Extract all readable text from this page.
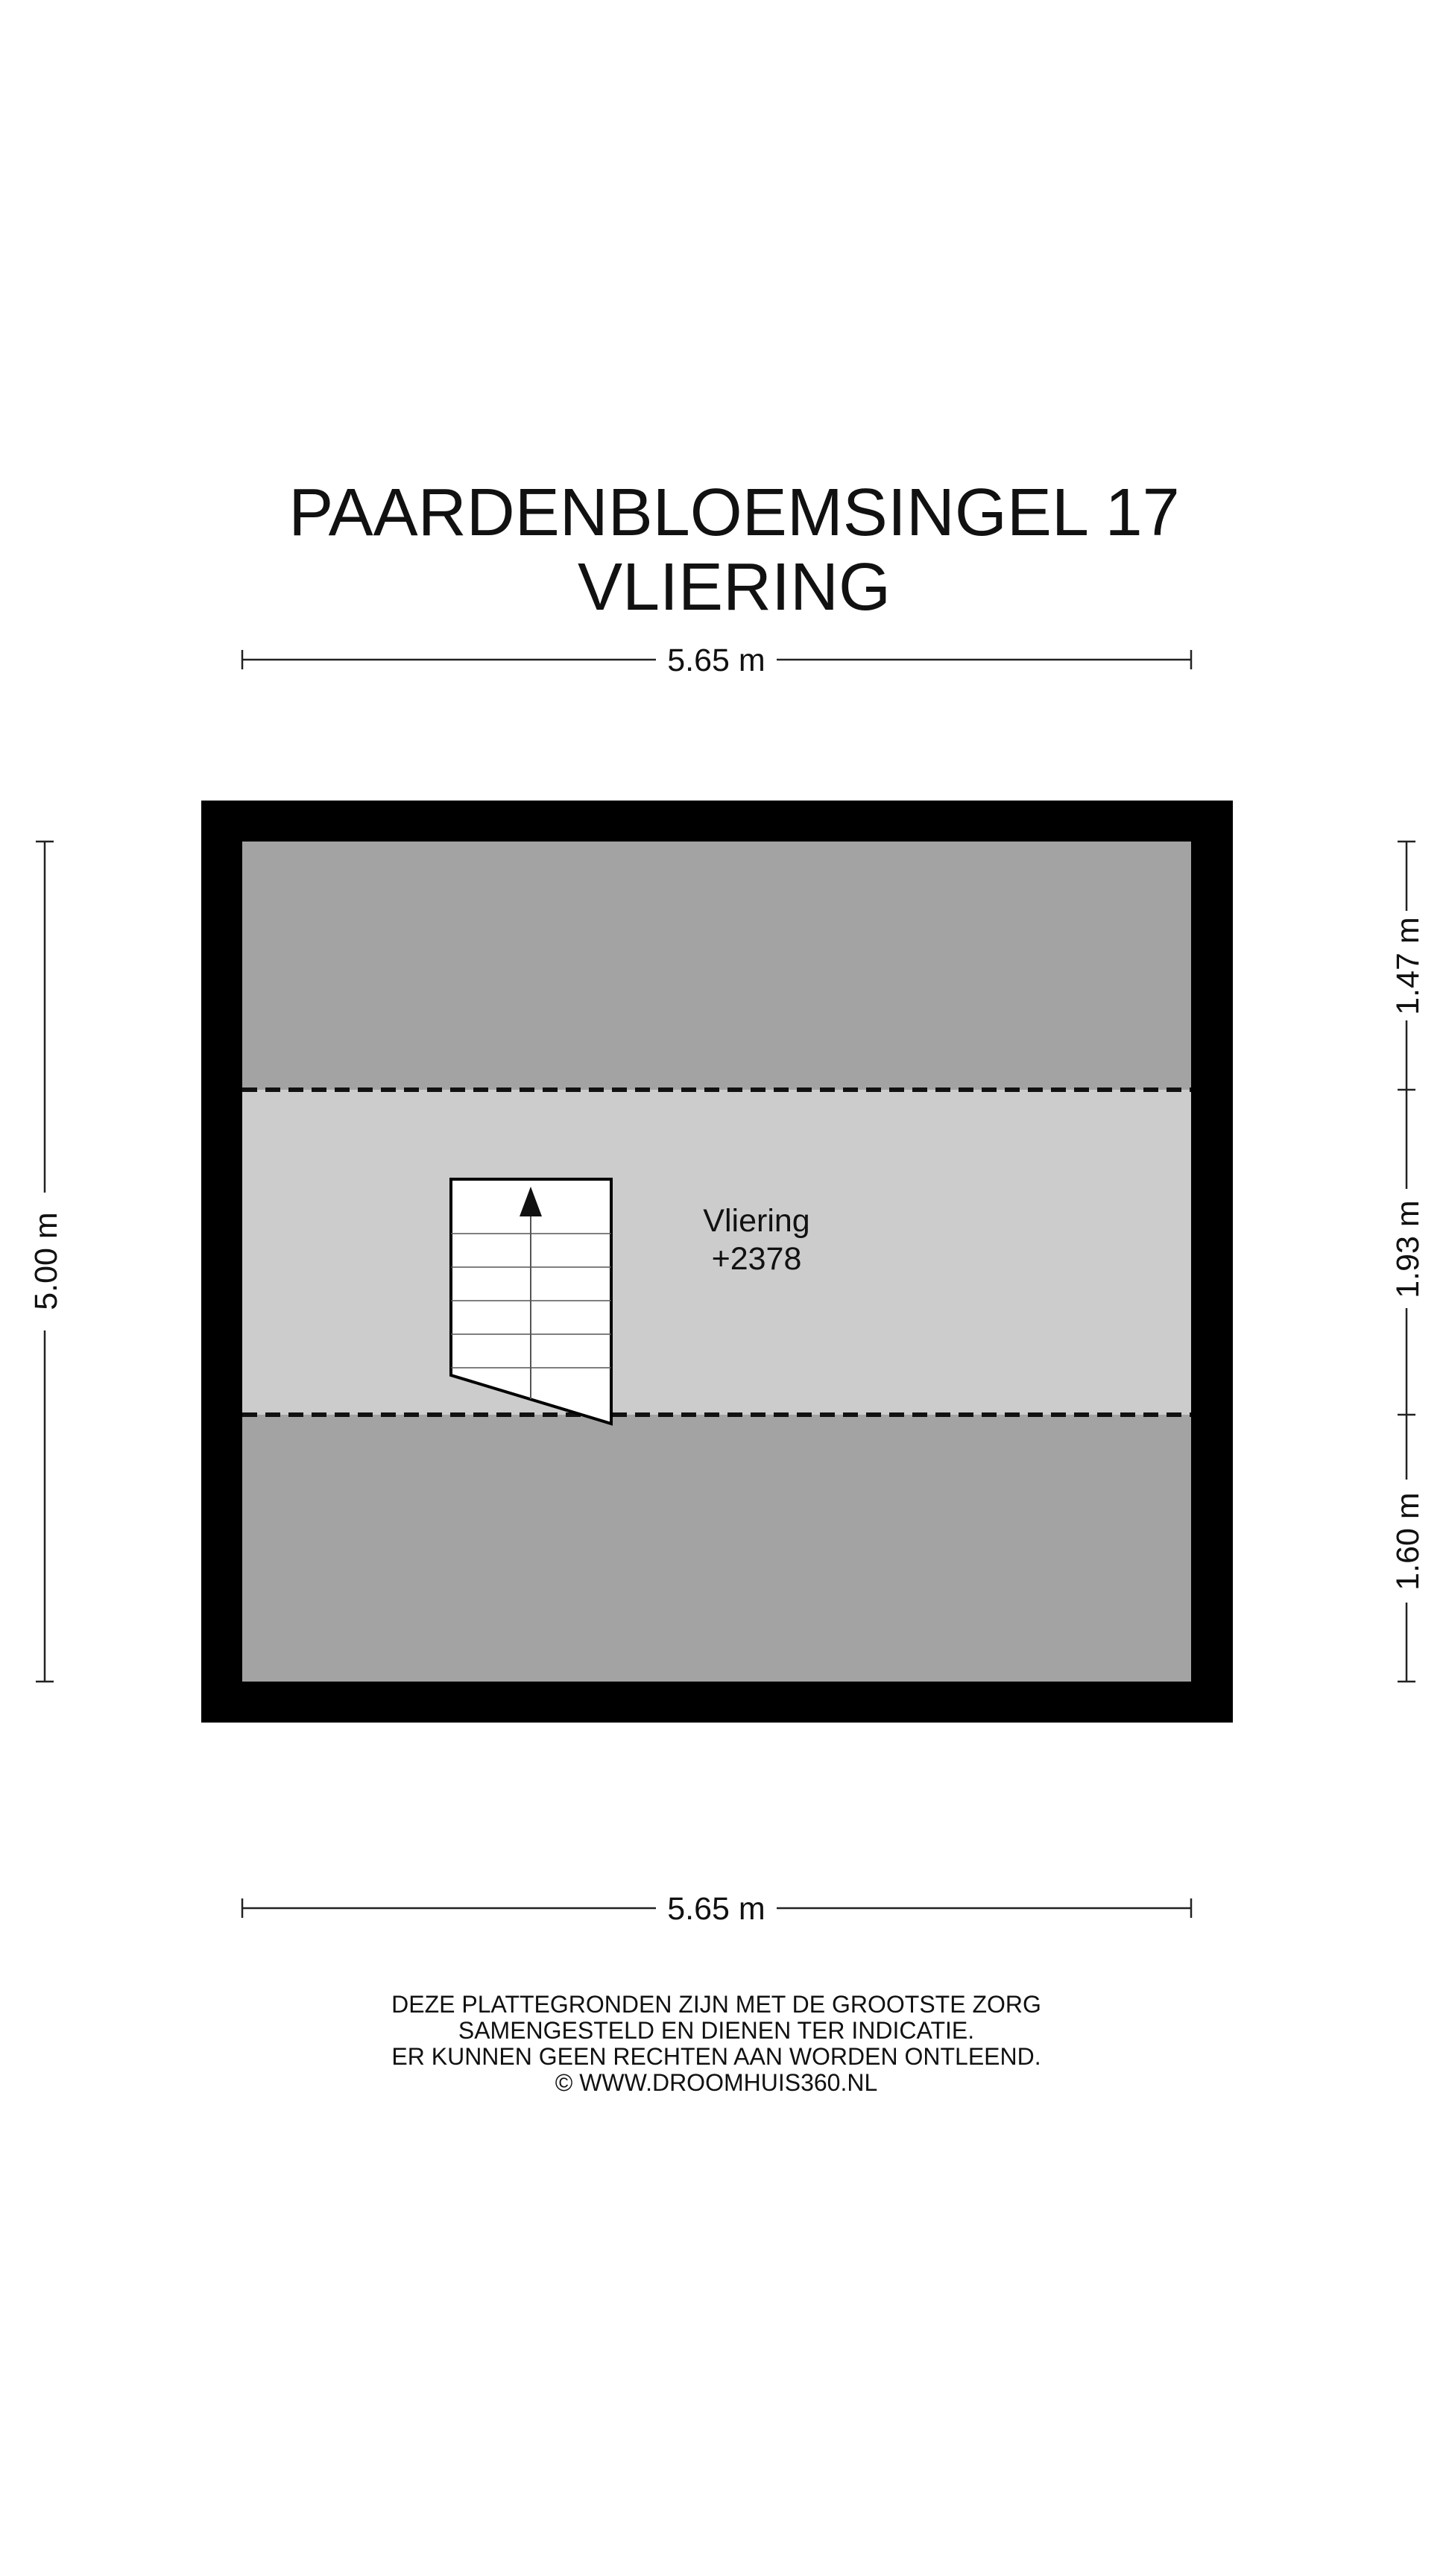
PAARDENBLOEMSINGEL 17
VLIERING
5.65 m
Vliering
+2378
5.00 m
1.47 m
1.93 m
1.60 m
5.65 m
DEZE PLATTEGRONDEN ZIJN MET DE GROOTSTE ZORG
SAMENGESTELD EN DIENEN TER INDICATIE.
ER KUNNEN GEEN RECHTEN AAN WORDEN ONTLEEND.
© WWW.DROOMHUIS360.NL
